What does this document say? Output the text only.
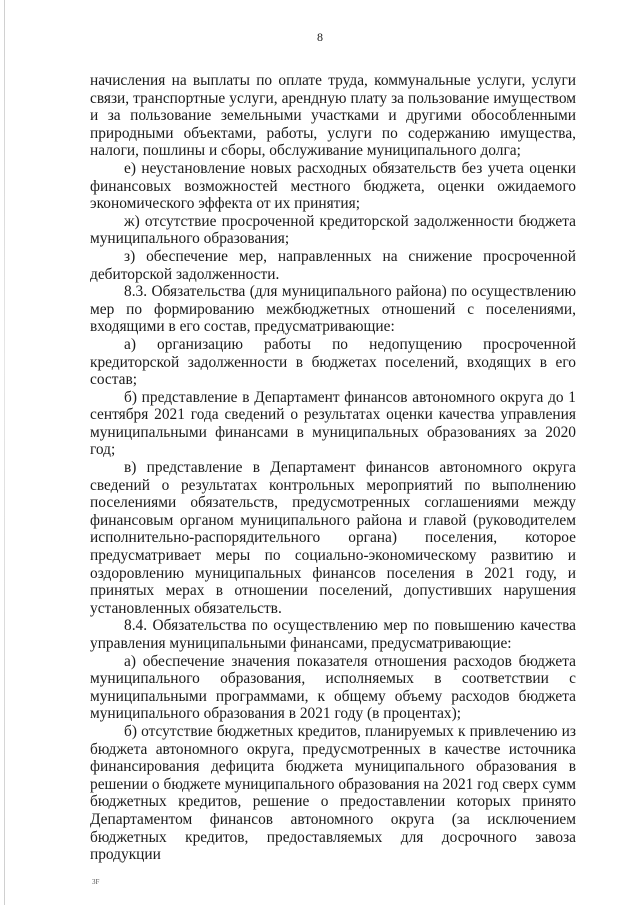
8

начисления на выплаты по оплате труда, коммунальные услуги, услуги связи, транспортные услуги, арендную плату за пользование имуществом и за пользование земельными участками и другими обособленными природными объектами, работы, услуги по содержанию имущества, налоги, пошлины и сборы, обслуживание муниципального долга;

е) неустановление новых расходных обязательств без учета оценки финансовых возможностей местного бюджета, оценки ожидаемого экономического эффекта от их принятия;

ж) отсутствие просроченной кредиторской задолженности бюджета муниципального образования;

з) обеспечение мер, направленных на снижение просроченной дебиторской задолженности.

8.3. Обязательства (для муниципального района) по осуществлению мер по формированию межбюджетных отношений с поселениями, входящими в его состав, предусматривающие:

а) организацию работы по недопущению просроченной кредиторской задолженности в бюджетах поселений, входящих в его состав;

б) представление в Департамент финансов автономного округа до 1 сентября 2021 года сведений о результатах оценки качества управления муниципальными финансами в муниципальных образованиях за 2020 год;

в) представление в Департамент финансов автономного округа сведений о результатах контрольных мероприятий по выполнению поселениями обязательств, предусмотренных соглашениями между финансовым органом муниципального района и главой (руководителем исполнительно-распорядительного органа) поселения, которое предусматривает меры по социально-экономическому развитию и оздоровлению муниципальных финансов поселения в 2021 году, и принятых мерах в отношении поселений, допустивших нарушения установленных обязательств.

8.4. Обязательства по осуществлению мер по повышению качества управления муниципальными финансами, предусматривающие:

а) обеспечение значения показателя отношения расходов бюджета муниципального образования, исполняемых в соответствии с муниципальными программами, к общему объему расходов бюджета муниципального образования в 2021 году (в процентах);

б) отсутствие бюджетных кредитов, планируемых к привлечению из бюджета автономного округа, предусмотренных в качестве источника финансирования дефицита бюджета муниципального образования в решении о бюджете муниципального образования на 2021 год сверх сумм бюджетных кредитов, решение о предоставлении которых принято Департаментом финансов автономного округа (за исключением бюджетных кредитов, предоставляемых для досрочного завоза продукции

3F
